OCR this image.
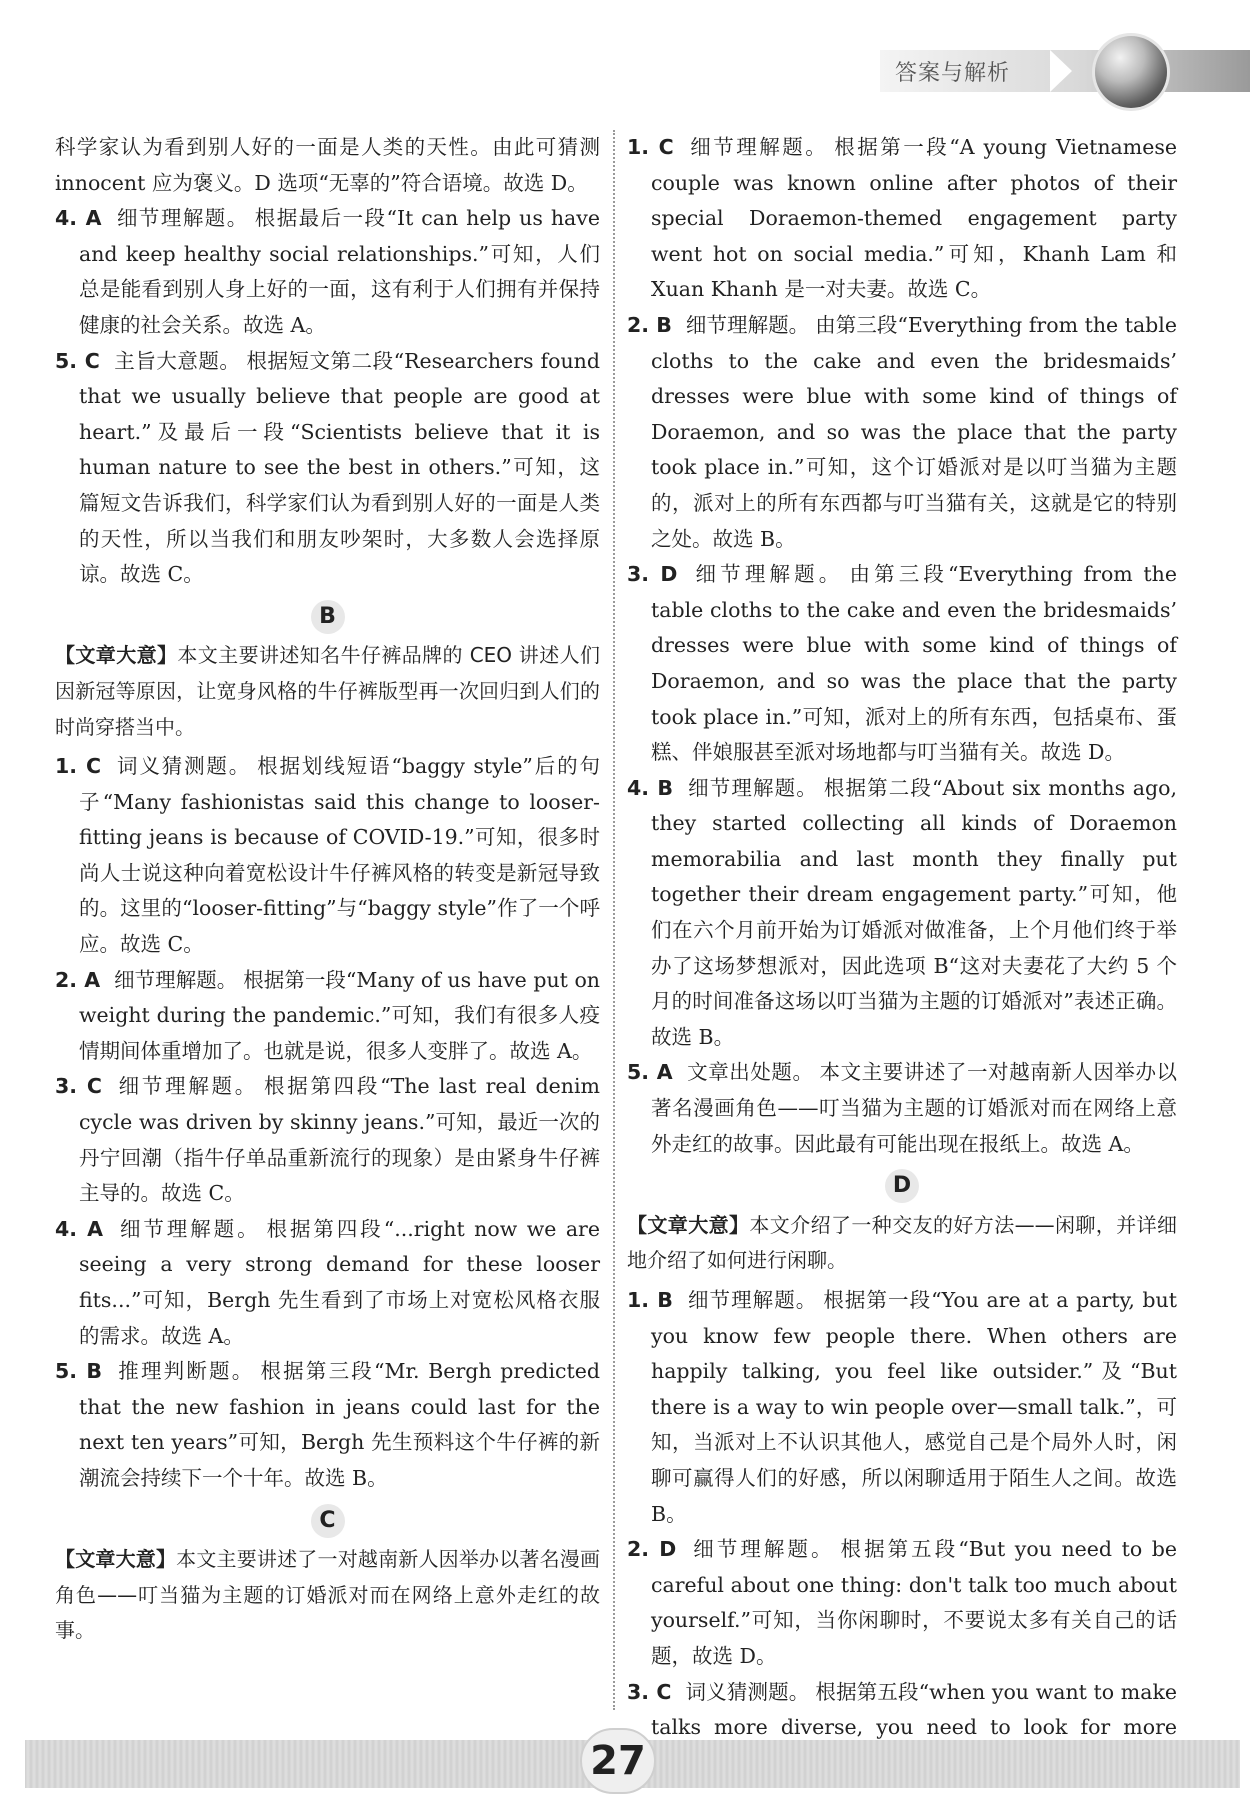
答案与解析

科学家认为看到别人好的一面是人类的天性。由此可猜测 innocent 应为褒义。D 选项“无辜的”符合语境。故选 D。

4. A 细节理解题。 根据最后一段“It can help us have and keep healthy social relationships.”可知，人们总是能看到别人身上好的一面，这有利于人们拥有并保持健康的社会关系。故选 A。

5. C 主旨大意题。 根据短文第二段“Researchers found that we usually believe that people are good at heart.”及最后一段“Scientists believe that it is human nature to see the best in others.”可知，这篇短文告诉我们，科学家们认为看到别人好的一面是人类的天性，所以当我们和朋友吵架时，大多数人会选择原谅。故选 C。

B

【文章大意】本文主要讲述知名牛仔裤品牌的 CEO 讲述人们因新冠等原因，让宽身风格的牛仔裤版型再一次回归到人们的时尚穿搭当中。

1. C 词义猜测题。 根据划线短语“baggy style”后的句子“Many fashionistas said this change to looser-fitting jeans is because of COVID-19.”可知，很多时尚人士说这种向着宽松设计牛仔裤风格的转变是新冠导致的。这里的“looser-fitting”与“baggy style”作了一个呼应。故选 C。

2. A 细节理解题。 根据第一段“Many of us have put on weight during the pandemic.”可知，我们有很多人疫情期间体重增加了。也就是说，很多人变胖了。故选 A。

3. C 细节理解题。 根据第四段“The last real denim cycle was driven by skinny jeans.”可知，最近一次的丹宁回潮（指牛仔单品重新流行的现象）是由紧身牛仔裤主导的。故选 C。

4. A 细节理解题。 根据第四段“...right now we are seeing a very strong demand for these looser fits...”可知，Bergh 先生看到了市场上对宽松风格衣服的需求。故选 A。

5. B 推理判断题。 根据第三段“Mr. Bergh predicted that the new fashion in jeans could last for the next ten years”可知，Bergh 先生预料这个牛仔裤的新潮流会持续下一个十年。故选 B。

C

【文章大意】本文主要讲述了一对越南新人因举办以著名漫画角色——叮当猫为主题的订婚派对而在网络上意外走红的故事。

1. C 细节理解题。 根据第一段“A young Vietnamese couple was known online after photos of their special Doraemon-themed engagement party went hot on social media.”可知，Khanh Lam 和 Xuan Khanh 是一对夫妻。故选 C。

2. B 细节理解题。 由第三段“Everything from the table cloths to the cake and even the bridesmaids’ dresses were blue with some kind of things of Doraemon, and so was the place that the party took place in.”可知，这个订婚派对是以叮当猫为主题的，派对上的所有东西都与叮当猫有关，这就是它的特别之处。故选 B。

3. D 细节理解题。 由第三段“Everything from the table cloths to the cake and even the bridesmaids’ dresses were blue with some kind of things of Doraemon, and so was the place that the party took place in.”可知，派对上的所有东西，包括桌布、蛋糕、伴娘服甚至派对场地都与叮当猫有关。故选 D。

4. B 细节理解题。 根据第二段“About six months ago, they started collecting all kinds of Doraemon memorabilia and last month they finally put together their dream engagement party.”可知，他们在六个月前开始为订婚派对做准备，上个月他们终于举办了这场梦想派对，因此选项 B“这对夫妻花了大约 5 个月的时间准备这场以叮当猫为主题的订婚派对”表述正确。故选 B。

5. A 文章出处题。 本文主要讲述了一对越南新人因举办以著名漫画角色——叮当猫为主题的订婚派对而在网络上意外走红的故事。因此最有可能出现在报纸上。故选 A。

D

【文章大意】本文介绍了一种交友的好方法——闲聊，并详细地介绍了如何进行闲聊。

1. B 细节理解题。 根据第一段“You are at a party, but you know few people there. When others are happily talking, you feel like outsider.”及“But there is a way to win people over—small talk.”，可知，当派对上不认识其他人，感觉自己是个局外人时，闲聊可赢得人们的好感，所以闲聊适用于陌生人之间。故选 B。

2. D 细节理解题。 根据第五段“But you need to be careful about one thing: don't talk too much about yourself.”可知，当你闲聊时，不要说太多有关自己的话题，故选 D。

3. C 词义猜测题。 根据第五段“when you want to make talks more diverse, you need to look for more

27
